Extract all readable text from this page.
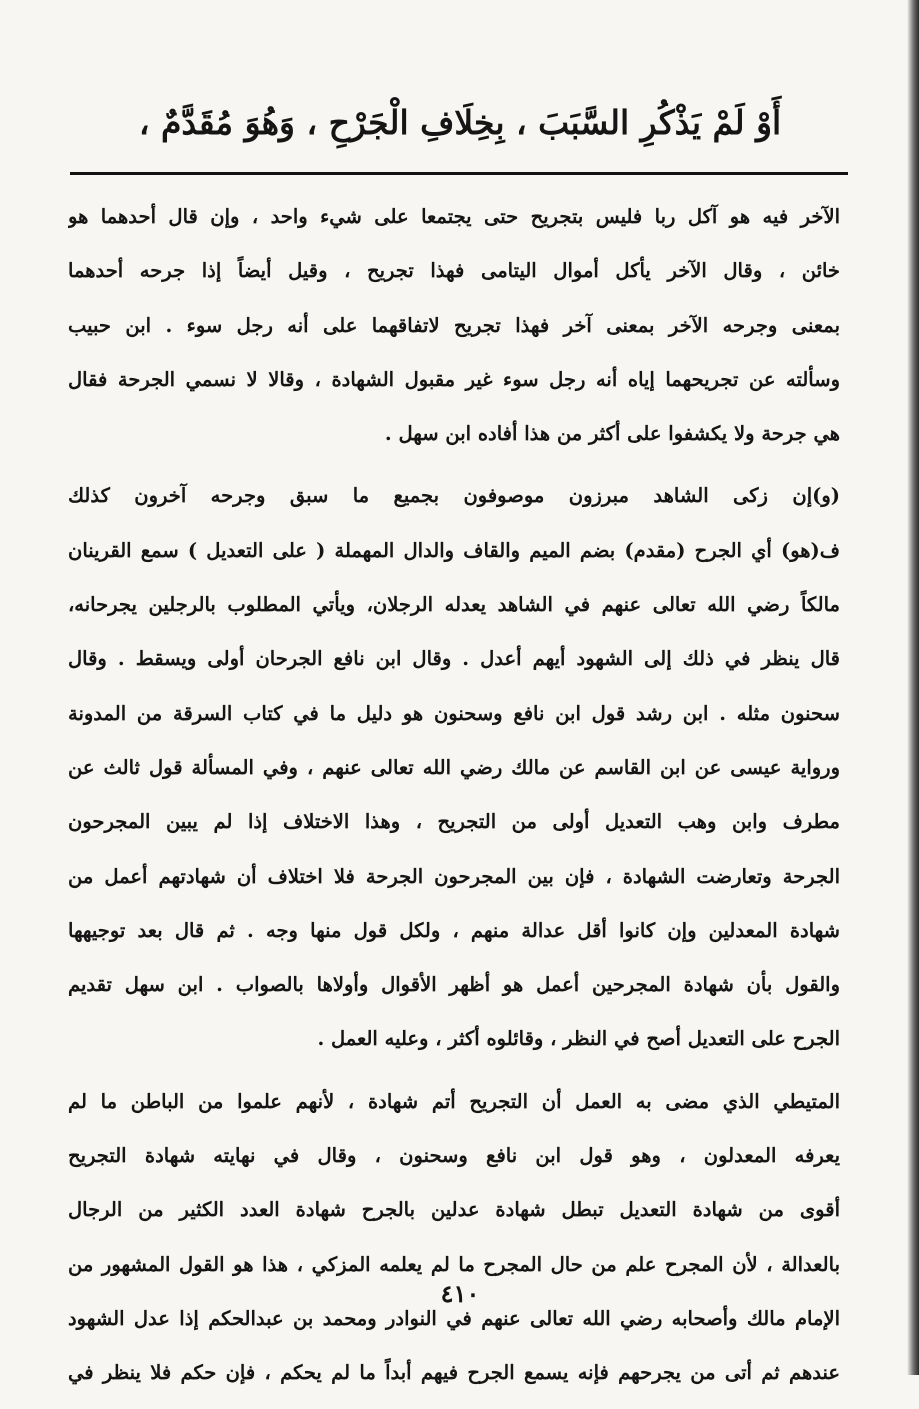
أَوْ لَمْ يَذْكُرِ السَّبَبَ ، بِخِلَافِ الْجَرْحِ ، وَهُوَ مُقَدَّمٌ ،
الآخر فيه هو آكل ربا فليس بتجريح حتى يجتمعا على شيء واحد ، وإن قال أحدهما هو
خائن ، وقال الآخر يأكل أموال اليتامى فهذا تجريح ، وقيل أيضاً إذا جرحه أحدهما
بمعنى وجرحه الآخر بمعنى آخر فهذا تجريح لاتفاقهما على أنه رجل سوء . ابن حبيب
وسألته عن تجريحهما إياه أنه رجل سوء غير مقبول الشهادة ، وقالا لا نسمي الجرحة فقال
هي جرحة ولا يكشفوا على أكثر من هذا أفاده ابن سهل .
(و)إن زكى الشاهد مبرزون موصوفون بجميع ما سبق وجرحه آخرون كذلك
ف(هو) أي الجرح (مقدم) بضم الميم والقاف والدال المهملة ( على التعديل ) سمع القرينان
مالكاً رضي الله تعالى عنهم في الشاهد يعدله الرجلان، ويأتي المطلوب بالرجلين يجرحانه،
قال ينظر في ذلك إلى الشهود أيهم أعدل . وقال ابن نافع الجرحان أولى ويسقط . وقال
سحنون مثله . ابن رشد قول ابن نافع وسحنون هو دليل ما في كتاب السرقة من المدونة
ورواية عيسى عن ابن القاسم عن مالك رضي الله تعالى عنهم ، وفي المسألة قول ثالث عن
مطرف وابن وهب التعديل أولى من التجريح ، وهذا الاختلاف إذا لم يبين المجرحون
الجرحة وتعارضت الشهادة ، فإن بين المجرحون الجرحة فلا اختلاف أن شهادتهم أعمل من
شهادة المعدلين وإن كانوا أقل عدالة منهم ، ولكل قول منها وجه . ثم قال بعد توجيهها
والقول بأن شهادة المجرحين أعمل هو أظهر الأقوال وأولاها بالصواب . ابن سهل تقديم
الجرح على التعديل أصح في النظر ، وقائلوه أكثر ، وعليه العمل .
المتيطي الذي مضى به العمل أن التجريح أتم شهادة ، لأنهم علموا من الباطن ما لم
يعرفه المعدلون ، وهو قول ابن نافع وسحنون ، وقال في نهايته شهادة التجريح
أقوى من شهادة التعديل تبطل شهادة عدلين بالجرح شهادة العدد الكثير من الرجال
بالعدالة ، لأن المجرح علم من حال المجرح ما لم يعلمه المزكي ، هذا هو القول المشهور من
الإمام مالك وأصحابه رضي الله تعالى عنهم في النوادر ومحمد بن عبدالحكم إذا عدل الشهود
عندهم ثم أتى من يجرحهم فإنه يسمع الجرح فيهم أبداً ما لم يحكم ، فإن حكم فلا ينظر في
٤١٠
